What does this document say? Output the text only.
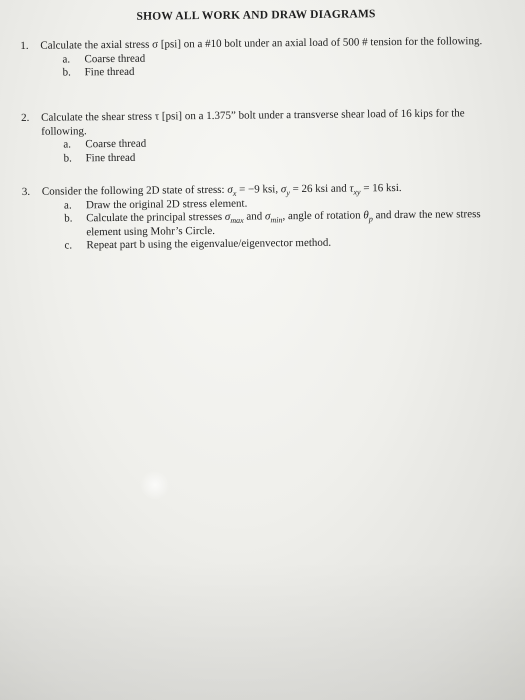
SHOW ALL WORK AND DRAW DIAGRAMS
1.	Calculate the axial stress σ [psi] on a #10 bolt under an axial load of 500 # tension for the following.
a. Coarse thread
b. Fine thread
2.	Calculate the shear stress τ [psi] on a 1.375” bolt under a transverse shear load of 16 kips for the following.
a. Coarse thread
b. Fine thread
3.	Consider the following 2D state of stress: $\sigma_x = -9$ ksi, $\sigma_y = 26$ ksi and $\tau_{xy} = 16$ ksi.
a. Draw the original 2D stress element.
b. Calculate the principal stresses $\sigma_{max}$ and $\sigma_{min}$, angle of rotation $\theta_p$ and draw the new stress element using Mohr’s Circle.
c. Repeat part b using the eigenvalue/eigenvector method.
